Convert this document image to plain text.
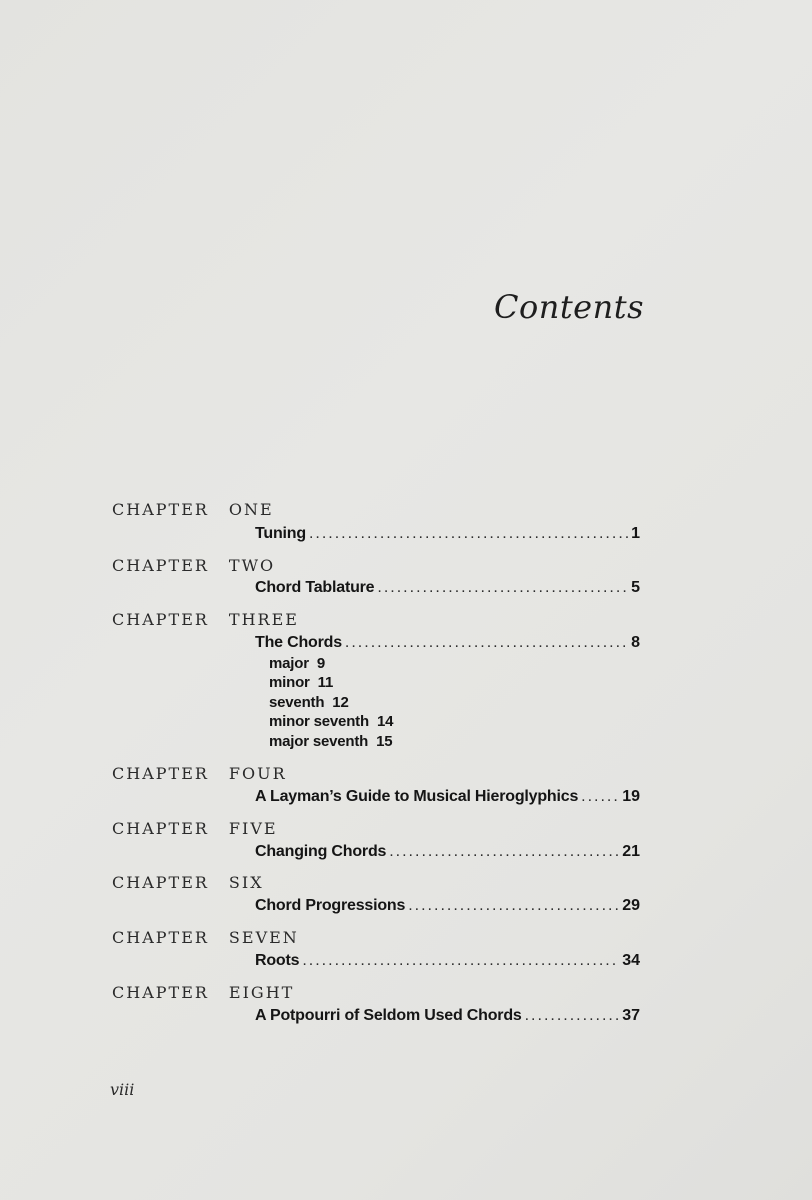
Contents
CHAPTER ONE
Tuning .....	1
CHAPTER TWO
Chord Tablature .....	5
CHAPTER THREE
The Chords .....	8
major 9
minor 11
seventh 12
minor seventh 14
major seventh 15
CHAPTER FOUR
A Layman’s Guide to Musical Hieroglyphics .....	19
CHAPTER FIVE
Changing Chords .....	21
CHAPTER SIX
Chord Progressions .....	29
CHAPTER SEVEN
Roots .....	34
CHAPTER EIGHT
A Potpourri of Seldom Used Chords .....	37
viii
